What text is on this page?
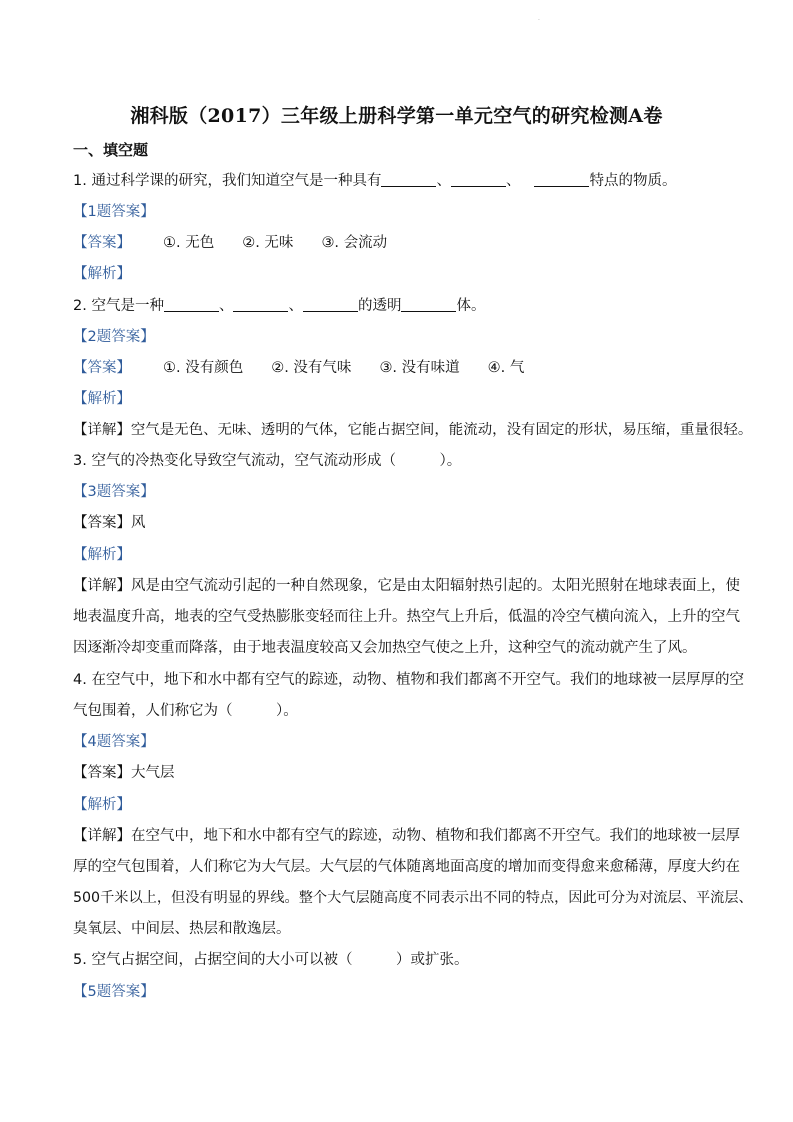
·
湘科版（2017）三年级上册科学第一单元空气的研究检测A卷
一、填空题
1. 通过科学课的研究，我们知道空气是一种具有	、	、	特点的物质。
【1题答案】
【答案】 ①. 无色 ②. 无味 ③. 会流动
【解析】
2. 空气是一种	、	、	的透明	体。
【2题答案】
【答案】 ①. 没有颜色 ②. 没有气味 ③. 没有味道 ④. 气
【解析】
【详解】空气是无色、无味、透明的气体，它能占据空间，能流动，没有固定的形状，易压缩，重量很轻。
3. 空气的冷热变化导致空气流动，空气流动形成（　　　）。
【3题答案】
【答案】风
【解析】
【详解】风是由空气流动引起的一种自然现象，它是由太阳辐射热引起的。太阳光照射在地球表面上，使
地表温度升高，地表的空气受热膨胀变轻而往上升。热空气上升后，低温的冷空气横向流入，上升的空气
因逐渐冷却变重而降落，由于地表温度较高又会加热空气使之上升，这种空气的流动就产生了风。
4. 在空气中，地下和水中都有空气的踪迹，动物、植物和我们都离不开空气。我们的地球被一层厚厚的空
气包围着，人们称它为（　　　）。
【4题答案】
【答案】大气层
【解析】
【详解】在空气中，地下和水中都有空气的踪迹，动物、植物和我们都离不开空气。我们的地球被一层厚
厚的空气包围着，人们称它为大气层。大气层的气体随离地面高度的增加而变得愈来愈稀薄，厚度大约在
500千米以上，但没有明显的界线。整个大气层随高度不同表示出不同的特点，因此可分为对流层、平流层、
臭氧层、中间层、热层和散逸层。
5. 空气占据空间，占据空间的大小可以被（　　　）或扩张。
【5题答案】
